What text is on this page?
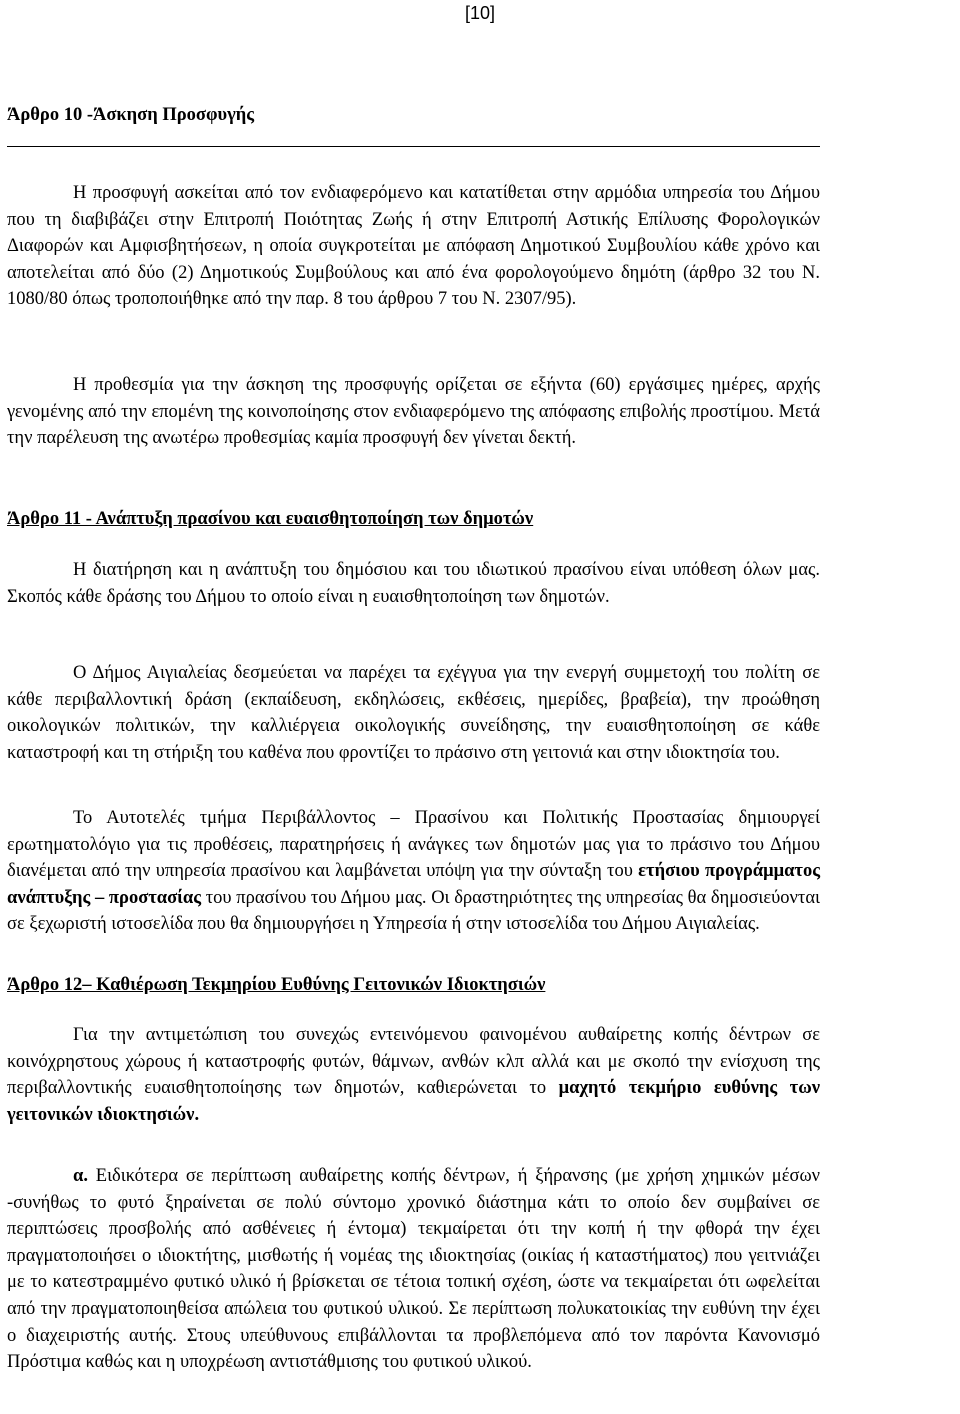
[10]
Άρθρο 10 -Άσκηση Προσφυγής

Η προσφυγή ασκείται από τον ενδιαφερόμενο και κατατίθεται στην αρμόδια υπηρεσία του Δήμου που τη διαβιβάζει στην Επιτροπή Ποιότητας Ζωής ή στην Επιτροπή Αστικής Επίλυσης Φορολογικών Διαφορών και Αμφισβητήσεων, η οποία συγκροτείται με απόφαση Δημοτικού Συμβουλίου κάθε χρόνο και αποτελείται από δύο (2) Δημοτικούς Συμβούλους και από ένα φορολογούμενο δημότη (άρθρο 32 του Ν. 1080/80 όπως τροποποιήθηκε από την παρ. 8 του άρθρου 7 του Ν. 2307/95).

Η προθεσμία για την άσκηση της προσφυγής ορίζεται σε εξήντα (60) εργάσιμες ημέρες, αρχής γενομένης από την επομένη της κοινοποίησης στον ενδιαφερόμενο της απόφασης επιβολής προστίμου. Μετά την παρέλευση της ανωτέρω προθεσμίας καμία προσφυγή δεν γίνεται δεκτή.

Άρθρο 11 - Ανάπτυξη πρασίνου και ευαισθητοποίηση των δημοτών

Η διατήρηση και η ανάπτυξη του δημόσιου και του ιδιωτικού πρασίνου είναι υπόθεση όλων μας. Σκοπός κάθε δράσης του Δήμου το οποίο είναι η ευαισθητοποίηση των δημοτών.

Ο Δήμος Αιγιαλείας δεσμεύεται να παρέχει τα εχέγγυα για την ενεργή συμμετοχή του πολίτη σε κάθε περιβαλλοντική δράση (εκπαίδευση, εκδηλώσεις, εκθέσεις, ημερίδες, βραβεία), την προώθηση οικολογικών πολιτικών, την καλλιέργεια οικολογικής συνείδησης, την ευαισθητοποίηση σε κάθε καταστροφή και τη στήριξη του καθένα που φροντίζει το πράσινο στη γειτονιά και στην ιδιοκτησία του.

Το Αυτοτελές τμήμα Περιβάλλοντος – Πρασίνου και Πολιτικής Προστασίας δημιουργεί ερωτηματολόγιο για τις προθέσεις, παρατηρήσεις ή ανάγκες των δημοτών μας για το πράσινο του Δήμου διανέμεται από την υπηρεσία πρασίνου και λαμβάνεται υπόψη για την σύνταξη του ετήσιου προγράμματος ανάπτυξης – προστασίας του πρασίνου του Δήμου μας. Οι δραστηριότητες της υπηρεσίας θα δημοσιεύονται σε ξεχωριστή ιστοσελίδα που θα δημιουργήσει η Υπηρεσία ή στην ιστοσελίδα του Δήμου Αιγιαλείας.

Άρθρο 12– Καθιέρωση Τεκμηρίου Ευθύνης Γειτονικών Ιδιοκτησιών

Για την αντιμετώπιση του συνεχώς εντεινόμενου φαινομένου αυθαίρετης κοπής δέντρων σε κοινόχρηστους χώρους ή καταστροφής φυτών, θάμνων, ανθών κλπ αλλά και με σκοπό την ενίσχυση της περιβαλλοντικής ευαισθητοποίησης των δημοτών, καθιερώνεται το μαχητό τεκμήριο ευθύνης των γειτονικών ιδιοκτησιών.

α. Ειδικότερα σε περίπτωση αυθαίρετης κοπής δέντρων, ή ξήρανσης (με χρήση χημικών μέσων -συνήθως το φυτό ξηραίνεται σε πολύ σύντομο χρονικό διάστημα κάτι το οποίο δεν συμβαίνει σε περιπτώσεις προσβολής από ασθένειες ή έντομα) τεκμαίρεται ότι την κοπή ή την φθορά την έχει πραγματοποιήσει ο ιδιοκτήτης, μισθωτής ή νομέας της ιδιοκτησίας (οικίας ή καταστήματος) που γειτνιάζει με το κατεστραμμένο φυτικό υλικό ή βρίσκεται σε τέτοια τοπική σχέση, ώστε να τεκμαίρεται ότι ωφελείται από την πραγματοποιηθείσα απώλεια του φυτικού υλικού. Σε περίπτωση πολυκατοικίας την ευθύνη την έχει ο διαχειριστής αυτής. Στους υπεύθυνους επιβάλλονται τα προβλεπόμενα από τον παρόντα Κανονισμό Πρόστιμα καθώς και η υποχρέωση αντιστάθμισης του φυτικού υλικού.
